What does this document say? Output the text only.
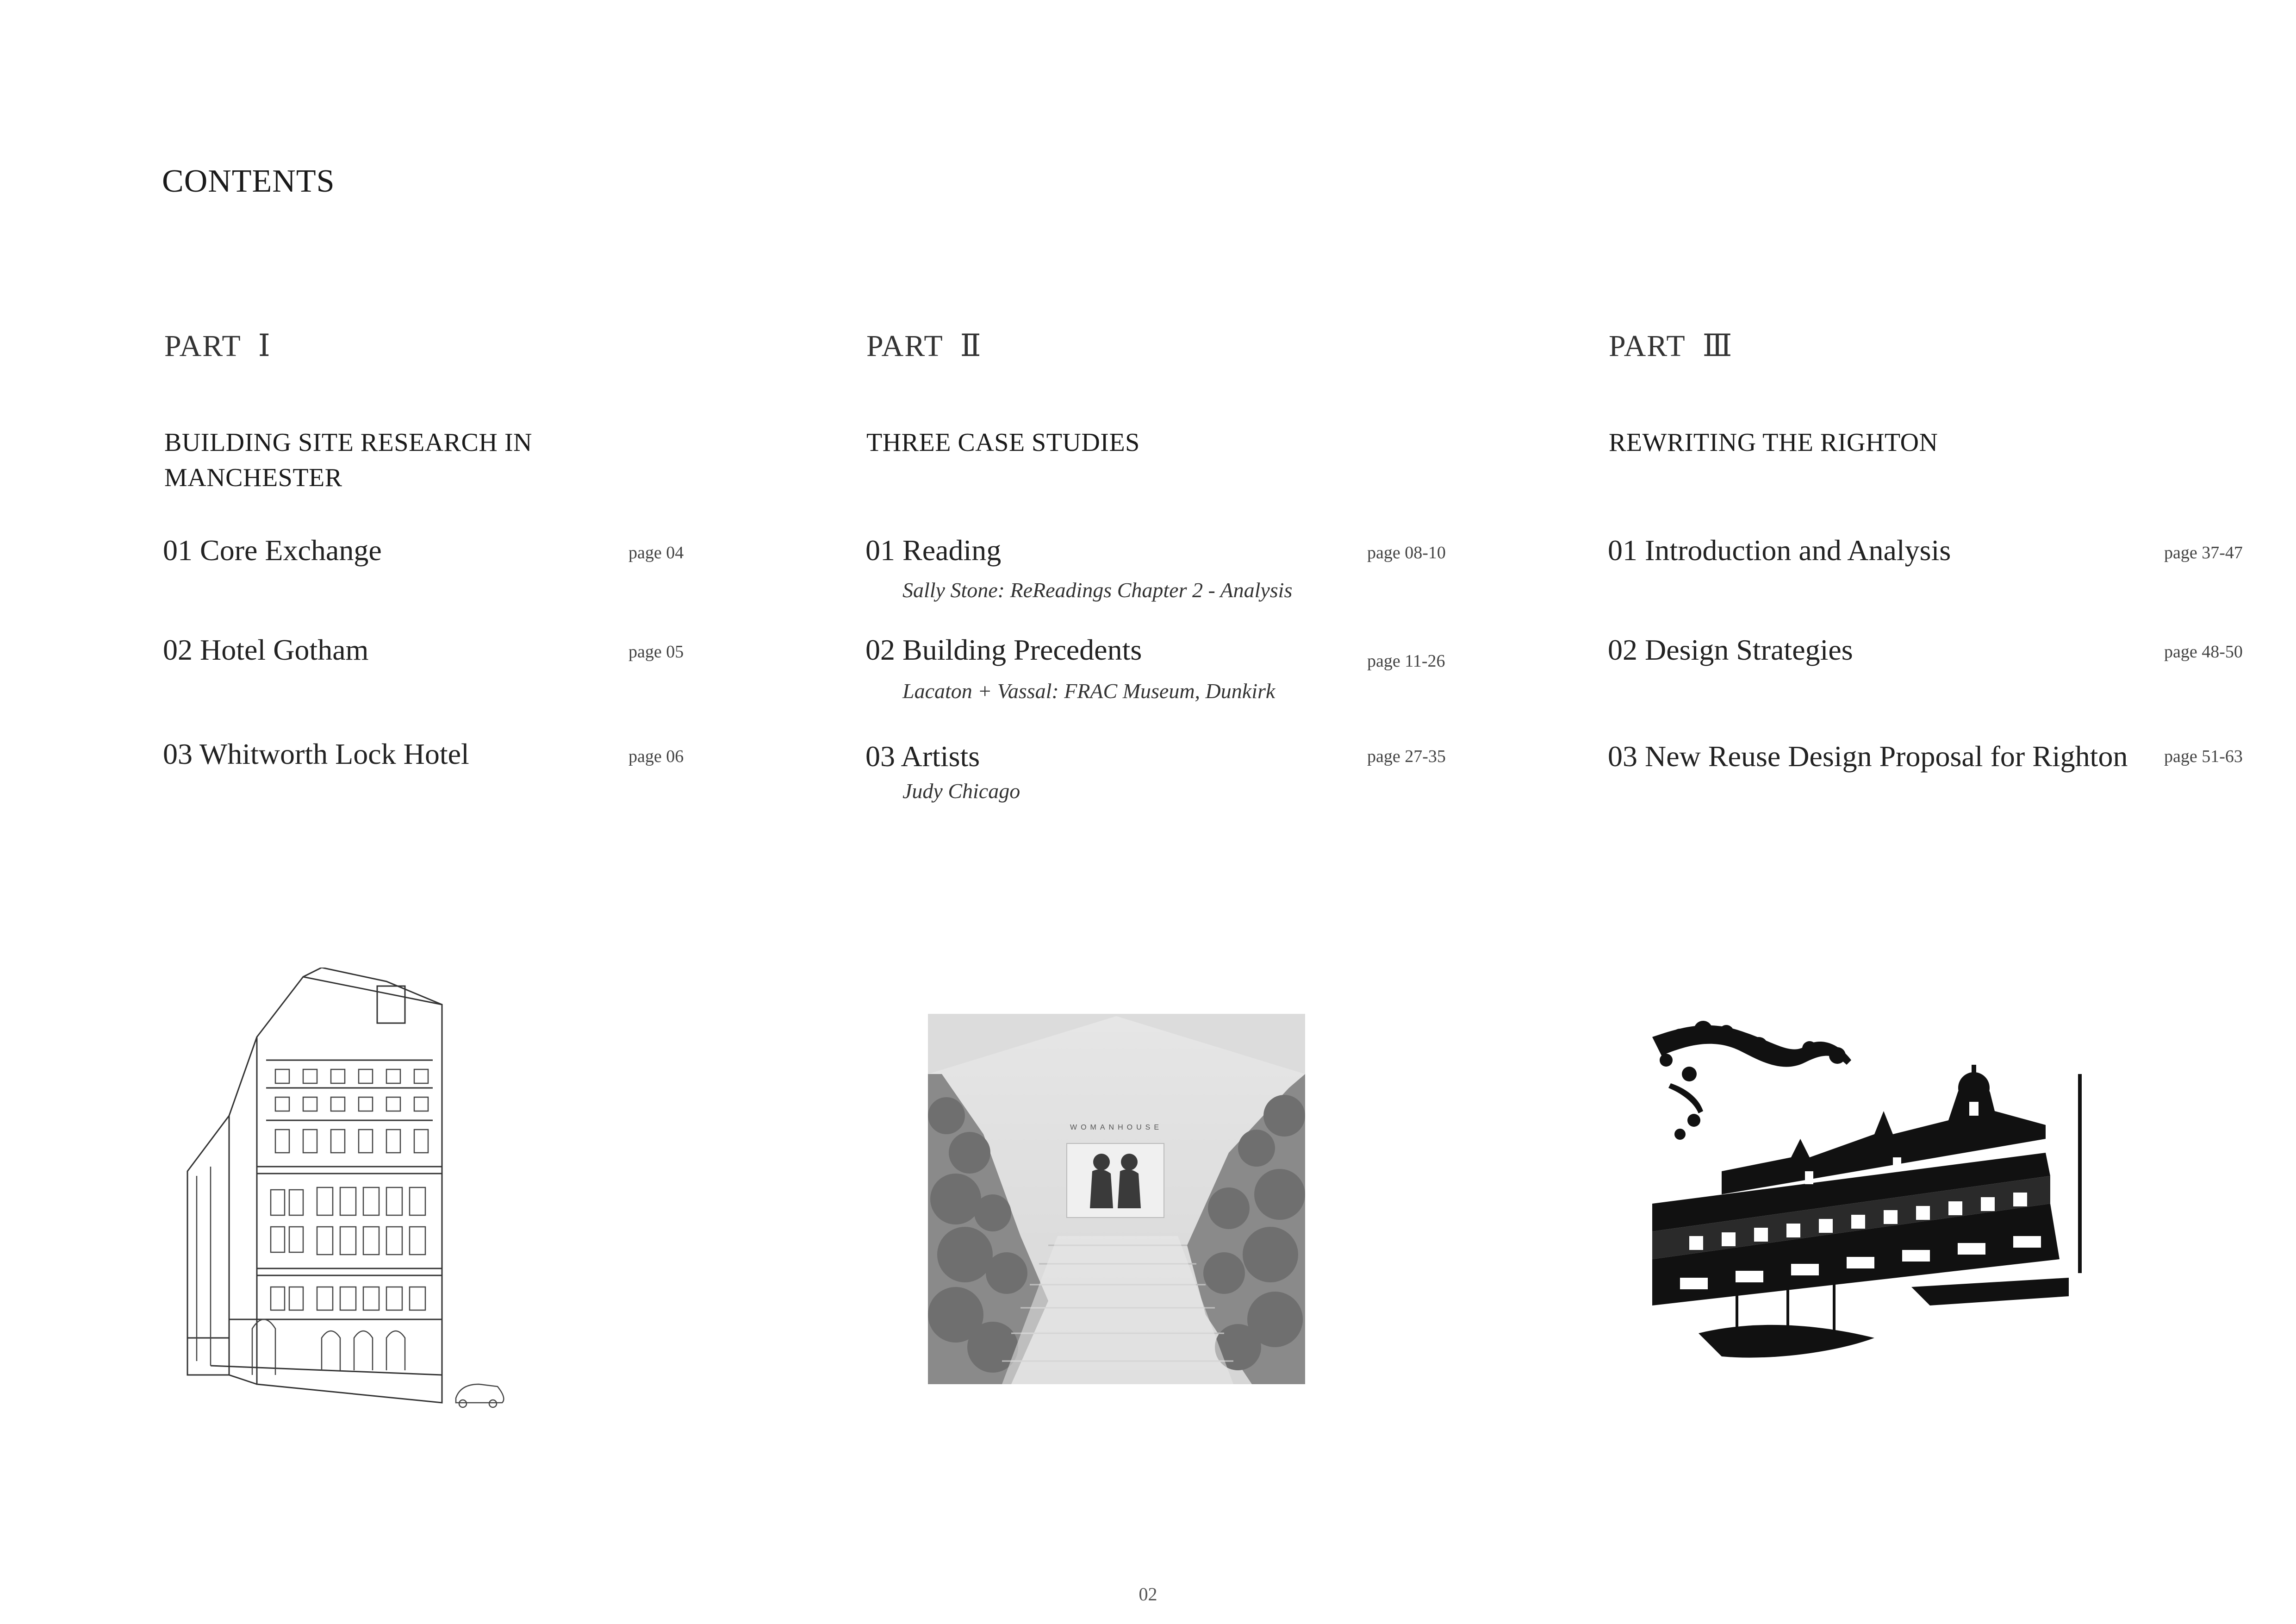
CONTENTS
PART Ⅰ
BUILDING SITE RESEARCH IN MANCHESTER
01 Core Exchange	page 04
02 Hotel Gotham	page 05
03 Whitworth Lock Hotel	page 06
PART Ⅱ
THREE CASE STUDIES
01 Reading	page 08-10
Sally Stone: ReReadings Chapter 2 - Analysis
02 Building Precedents	page 11-26
Lacaton + Vassal: FRAC Museum, Dunkirk
03 Artists	page 27-35
Judy Chicago
PART Ⅲ
REWRITING THE RIGHTON
01 Introduction and Analysis	page 37-47
02 Design Strategies	page 48-50
03 New Reuse Design Proposal for Righton page 51-63
WOMANHOUSE
02
